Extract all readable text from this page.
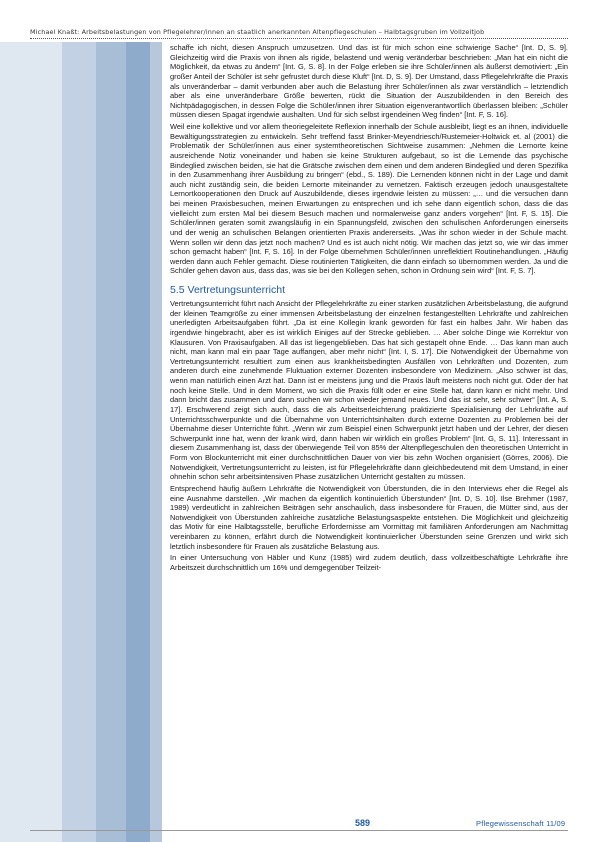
Michael Knaßt: Arbeitsbelastungen von Pflegelehrer/innen an staatlich anerkannten Altenpflegeschulen – Halbtagsgruben im Vollzeitjob

schaffe ich nicht, diesen Anspruch umzusetzen. Und das ist für mich schon eine schwierige Sache“ [Int. D, S. 9]. Gleichzeitig wird die Praxis von ihnen als rigide, belastend und wenig veränderbar beschrieben: „Man hat ein nicht die Möglichkeit, da etwas zu ändern“ [Int. G, S. 8]. In der Folge erleben sie ihre Schüler/innen als äußerst demotiviert: „Ein großer Anteil der Schüler ist sehr gefrustet durch diese Kluft“ [Int. D, S. 9]. Der Umstand, dass Pflegelehrkräfte die Praxis als unveränderbar – damit verbunden aber auch die Belastung ihrer Schüler/innen als zwar verständlich – letztendlich aber als eine unveränderbare Größe bewerten, rückt die Situation der Auszubildenden in den Bereich des Nichtpädagogischen, in dessen Folge die Schüler/innen ihrer Situation eigenverantwortlich überlassen bleiben: „Schüler müssen diesen Spagat irgendwie aushalten. Und für sich selbst irgendeinen Weg finden“ [Int. F, S. 16].

Weil eine kollektive und vor allem theoriegeleitete Reflexion innerhalb der Schule ausbleibt, liegt es an ihnen, individuelle Bewältigungsstrategien zu entwickeln. Sehr treffend fasst Brinker-Meyendriesch/Rustemeier-Holtwick et. al (2001) die Problematik der Schüler/innen aus einer systemtheoretischen Sichtweise zusammen: „Nehmen die Lernorte keine ausreichende Notiz voneinander und haben sie keine Strukturen aufgebaut, so ist die Lernende das psychische Bindeglied zwischen beiden, sie hat die Grätsche zwischen dem einen und dem anderen Bindeglied und deren Spezifika in den Zusammenhang ihrer Ausbildung zu bringen“ (ebd., S. 189). Die Lernenden können nicht in der Lage und damit auch nicht zuständig sein, die beiden Lernorte miteinander zu vernetzen. Faktisch erzeugen jedoch unausgestaltete Lernortkooperationen den Druck auf Auszubildende, dieses irgendwie leisten zu müssen: „… und die versuchen dann bei meinen Praxisbesuchen, meinen Erwartungen zu entsprechen und ich sehe dann eigentlich schon, dass die das vielleicht zum ersten Mal bei diesem Besuch machen und normalerweise ganz anders vorgehen“ [Int. F, S. 15]. Die Schüler/innen geraten somit zwangsläufig in ein Spannungsfeld, zwischen den schulischen Anforderungen einerseits und der wenig an schulischen Belangen orientierten Praxis andererseits. „Was ihr schon wieder in der Schule macht. Wenn sollen wir denn das jetzt noch machen? Und es ist auch nicht nötig. Wir machen das jetzt so, wie wir das immer schon gemacht haben“ [Int. F, S. 16]. In der Folge übernehmen Schüler/innen unreflektiert Routinehandlungen. „Häufig werden dann auch Fehler gemacht. Diese routinierten Tätigkeiten, die dann einfach so übernommen werden. Ja und die Schüler gehen davon aus, dass das, was sie bei den Kollegen sehen, schon in Ordnung sein wird“ [Int. F, S. 7].

5.5 Vertretungsunterricht

Vertretungsunterricht führt nach Ansicht der Pflegelehrkräfte zu einer starken zusätzlichen Arbeitsbelastung, die aufgrund der kleinen Teamgröße zu einer immensen Arbeitsbelastung der einzelnen festangestellten Lehrkräfte und zahlreichen unerledigten Arbeitsaufgaben führt. „Da ist eine Kollegin krank geworden für fast ein halbes Jahr. Wir haben das irgendwie hingebracht, aber es ist wirklich Einiges auf der Strecke geblieben. … Aber solche Dinge wie Korrektur von Klausuren. Von Praxisaufgaben. All das ist liegengeblieben. Das hat sich gestapelt ohne Ende. … Das kann man auch nicht, man kann mal ein paar Tage auffangen, aber mehr nicht“ [Int. I, S. 17]. Die Notwendigkeit der Übernahme von Vertretungsunterricht resultiert zum einen aus krankheitsbedingten Ausfällen von Lehrkräften und Dozenten, zum anderen durch eine zunehmende Fluktuation externer Dozenten insbesondere von Medizinern. „Also schwer ist das, wenn man natürlich einen Arzt hat. Dann ist er meistens jung und die Praxis läuft meistens noch nicht gut. Oder der hat noch keine Stelle. Und in dem Moment, wo sich die Praxis füllt oder er eine Stelle hat, dann kann er nicht mehr. Und dann bricht das zusammen und dann suchen wir schon wieder jemand neues. Und das ist sehr, sehr schwer“ [Int. A, S. 17]. Erschwerend zeigt sich auch, dass die als Arbeitserleichterung praktizierte Spezialisierung der Lehrkräfte auf Unterrichtsschwerpunkte und die Übernahme von Unterrichtsinhalten durch externe Dozenten zu Problemen bei der Übernahme dieser Unterrichte führt. „Wenn wir zum Beispiel einen Schwerpunkt jetzt haben und der Lehrer, der diesen Schwerpunkt inne hat, wenn der krank wird, dann haben wir wirklich ein großes Problem“ [Int. G, S. 11]. Interessant in diesem Zusammenhang ist, dass der überwiegende Teil von 85% der Altenpflegeschulen den theoretischen Unterricht in Form von Blockunterricht mit einer durchschnittlichen Dauer von vier bis zehn Wochen organisiert (Görres, 2006). Die Notwendigkeit, Vertretungsunterricht zu leisten, ist für Pflegelehrkräfte dann gleichbedeutend mit dem Umstand, in einer ohnehin schon sehr arbeitsintensiven Phase zusätzlichen Unterricht gestalten zu müssen.

Entsprechend häufig äußern Lehrkräfte die Notwendigkeit von Überstunden, die in den Interviews eher die Regel als eine Ausnahme darstellen. „Wir machen da eigentlich kontinuierlich Überstunden“ [Int. D, S. 10]. Ilse Brehmer (1987, 1989) verdeutlicht in zahlreichen Beiträgen sehr anschaulich, dass insbesondere für Frauen, die Mütter sind, aus der Notwendigkeit von Überstunden zahlreiche zusätzliche Belastungsaspekte entstehen. Die Möglichkeit und gleichzeitig das Motiv für eine Halbtagsstelle, berufliche Erfordernisse am Vormittag mit familiären Anforderungen am Nachmittag vereinbaren zu können, erfährt durch die Notwendigkeit kontinuierlicher Überstunden seine Grenzen und wirkt sich letztlich insbesondere für Frauen als zusätzliche Belastung aus.

In einer Untersuchung von Häbler und Kunz (1985) wird zudem deutlich, dass vollzeitbeschäftigte Lehrkräfte ihre Arbeitszeit durchschnittlich um 16% und demgegenüber Teilzeit-

589	Pflegewissenschaft 11/09
